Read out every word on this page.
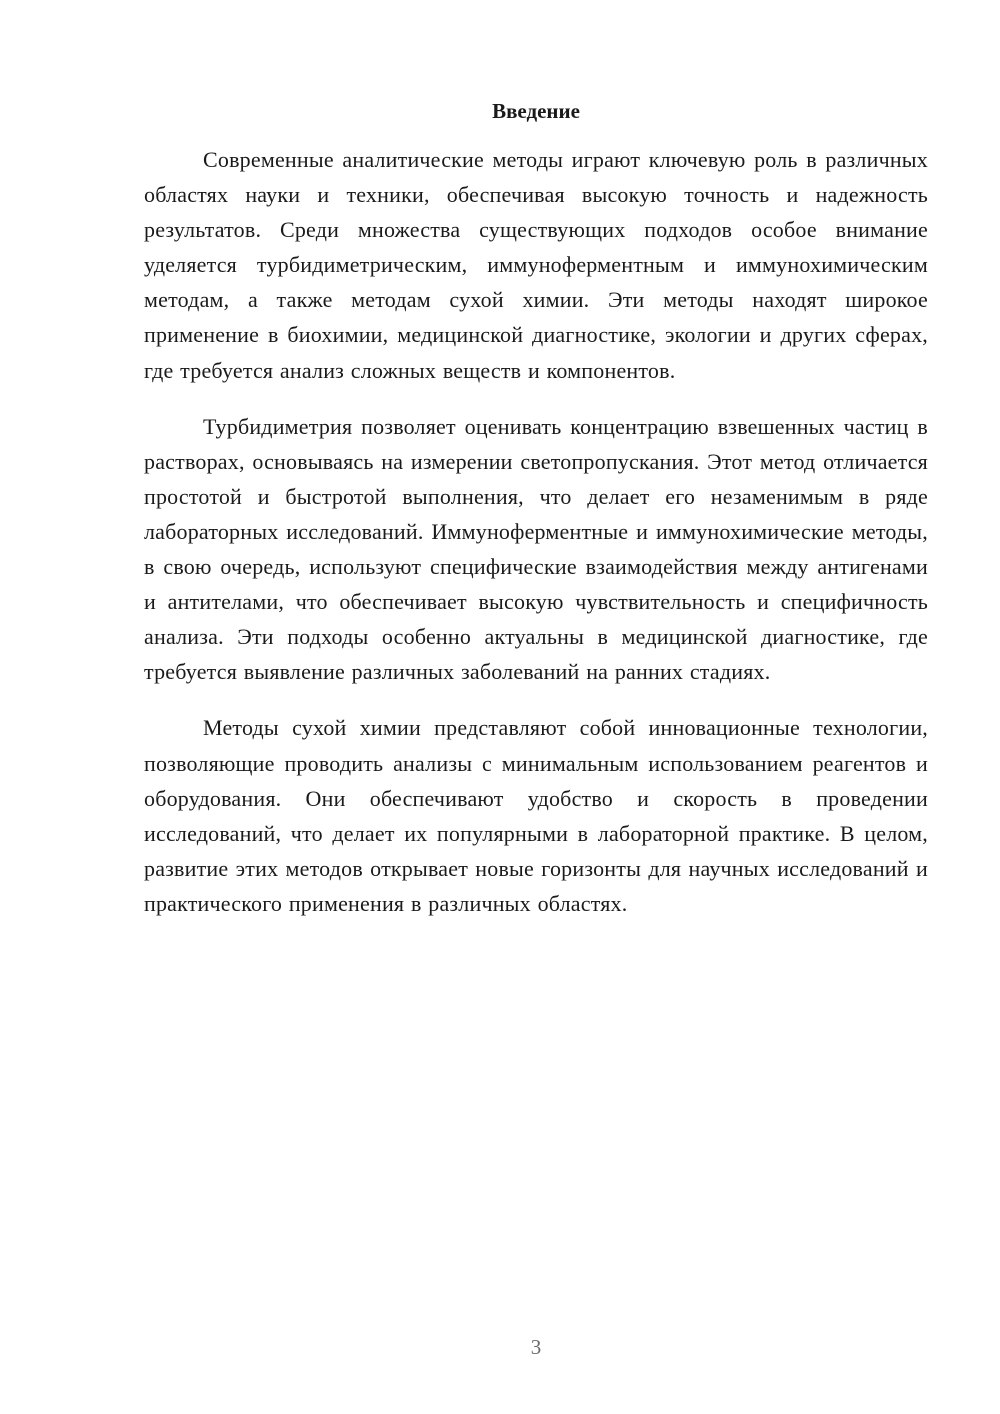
Введение

Современные аналитические методы играют ключевую роль в различных областях науки и техники, обеспечивая высокую точность и надежность результатов. Среди множества существующих подходов особое внимание уделяется турбидиметрическим, иммуноферментным и иммунохимическим методам, а также методам сухой химии. Эти методы находят широкое применение в биохимии, медицинской диагностике, экологии и других сферах, где требуется анализ сложных веществ и компонентов.

Турбидиметрия позволяет оценивать концентрацию взвешенных частиц в растворах, основываясь на измерении светопропускания. Этот метод отличается простотой и быстротой выполнения, что делает его незаменимым в ряде лабораторных исследований. Иммуноферментные и иммунохимические методы, в свою очередь, используют специфические взаимодействия между антигенами и антителами, что обеспечивает высокую чувствительность и специфичность анализа. Эти подходы особенно актуальны в медицинской диагностике, где требуется выявление различных заболеваний на ранних стадиях.

Методы сухой химии представляют собой инновационные технологии, позволяющие проводить анализы с минимальным использованием реагентов и оборудования. Они обеспечивают удобство и скорость в проведении исследований, что делает их популярными в лабораторной практике. В целом, развитие этих методов открывает новые горизонты для научных исследований и практического применения в различных областях.

3
